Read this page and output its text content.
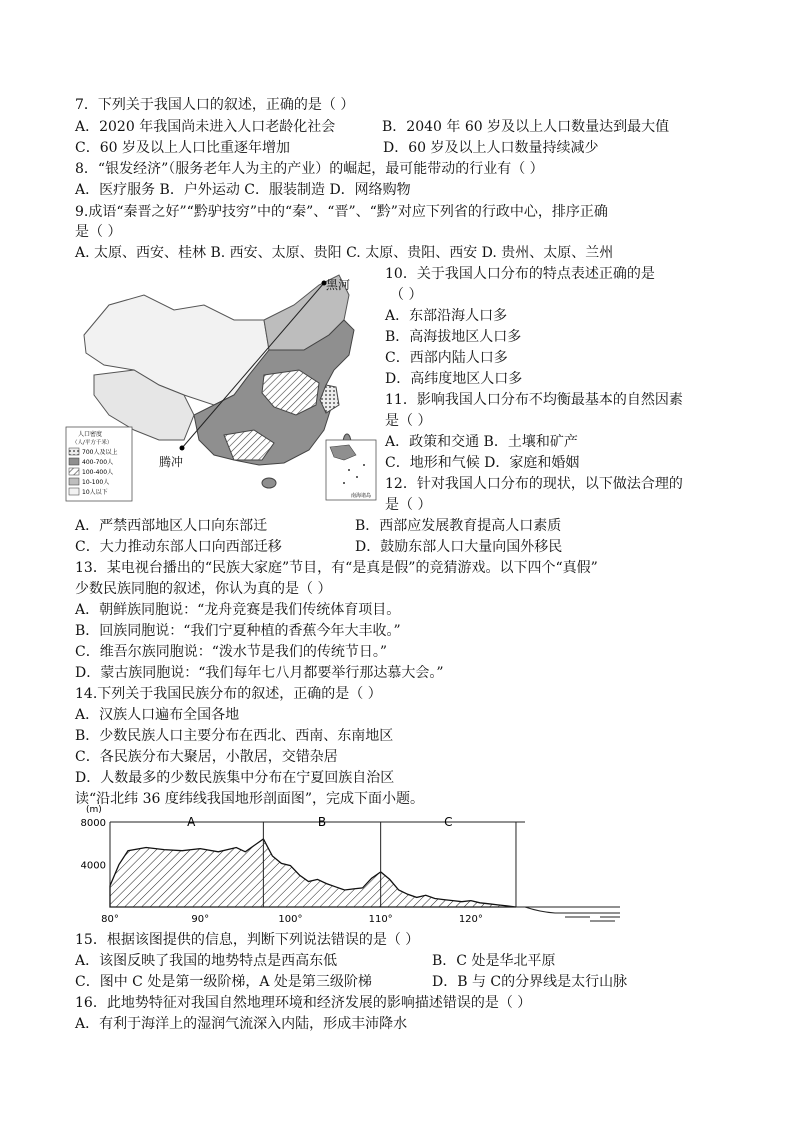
7．下列关于我国人口的叙述，正确的是（ ）
A．2020 年我国尚未进入人口老龄化社会	B．2040 年 60 岁及以上人口数量达到最大值
C．60 岁及以上人口比重逐年增加	D．60 岁及以上人口数量持续减少
8．“银发经济”（服务老年人为主的产业）的崛起，最可能带动的行业有（ ）
A．医疗服务 B．户外运动 C．服装制造 D．网络购物
9.成语“秦晋之好”“黔驴技穷”中的“秦”、“晋”、“黔”对应下列省的行政中心，排序正确
是（ ）
A. 太原、西安、桂林 B. 西安、太原、贵阳 C. 太原、贵阳、西安 D. 贵州、太原、兰州
黑河
腾冲
人口密度
（人/平方千米）
700人及以上
400-700人
100-400人
10-100人
10人以下	南海诸岛
10．关于我国人口分布的特点表述正确的是
（ ）
A．东部沿海人口多
B．高海拔地区人口多
C．西部内陆人口多
D．高纬度地区人口多
11．影响我国人口分布不均衡最基本的自然因素
是（ ）
A．政策和交通 B．土壤和矿产
C．地形和气候 D．家庭和婚姻
12．针对我国人口分布的现状，以下做法合理的
是（ ）
A．严禁西部地区人口向东部迁	B．西部应发展教育提高人口素质
C．大力推动东部人口向西部迁移	D．鼓励东部人口大量向国外移民
13．某电视台播出的“民族大家庭”节目，有“是真是假”的竞猜游戏。以下四个“真假”
少数民族同胞的叙述，你认为真的是（ ）
A．朝鲜族同胞说：“龙舟竞赛是我们传统体育项目。
B．回族同胞说：“我们宁夏种植的香蕉今年大丰收。”
C．维吾尔族同胞说：“泼水节是我们的传统节日。”
D．蒙古族同胞说：“我们每年七八月都要举行那达慕大会。”
14.下列关于我国民族分布的叙述，正确的是（ ）
A．汉族人口遍布全国各地
B．少数民族人口主要分布在西北、西南、东南地区
C．各民族分布大聚居，小散居，交错杂居
D．人数最多的少数民族集中分布在宁夏回族自治区
读“沿北纬 36 度纬线我国地形剖面图”，完成下面小题。
A	B	C
4000
8000
(m)
80°	90°	100°	110°	120°
15．根据该图提供的信息，判断下列说法错误的是（ ）
A．该图反映了我国的地势特点是西高东低	B．C 处是华北平原
C．图中 C 处是第一级阶梯，A 处是第三级阶梯	D．B 与 C的分界线是太行山脉
16．此地势特征对我国自然地理环境和经济发展的影响描述错误的是（ ）
A．有利于海洋上的湿润气流深入内陆，形成丰沛降水
